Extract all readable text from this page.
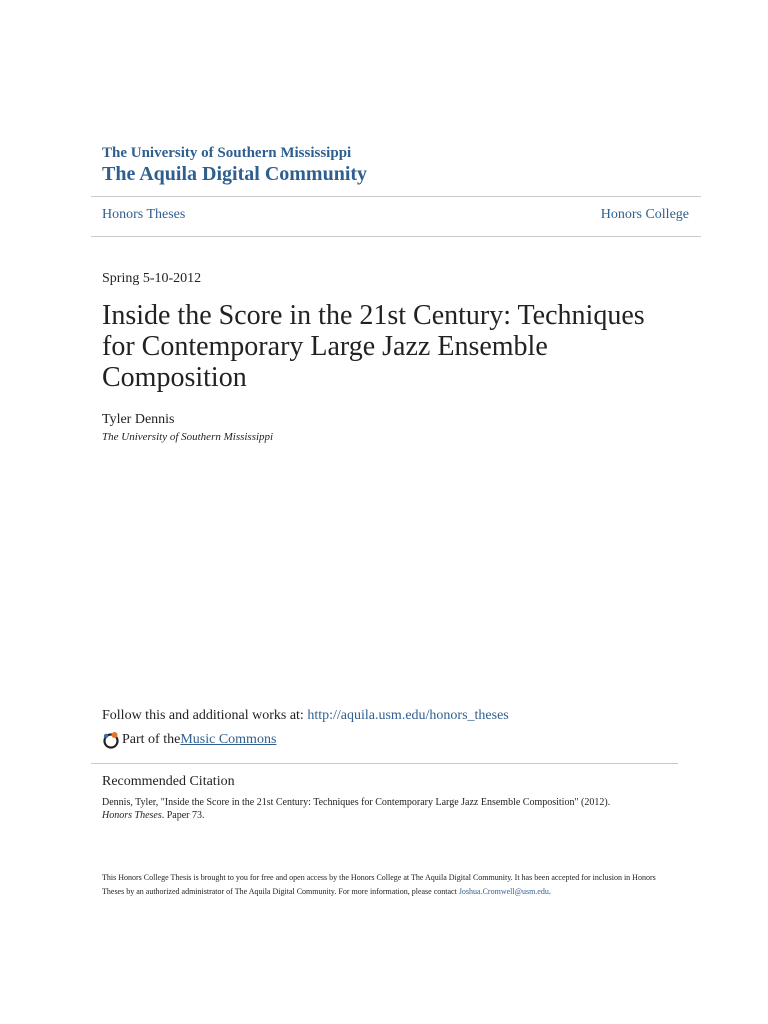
The University of Southern Mississippi
The Aquila Digital Community
Honors Theses	Honors College
Spring 5-10-2012
Inside the Score in the 21st Century: Techniques for Contemporary Large Jazz Ensemble Composition
Tyler Dennis
The University of Southern Mississippi
Follow this and additional works at: http://aquila.usm.edu/honors_theses
Part of the Music Commons
Recommended Citation
Dennis, Tyler, "Inside the Score in the 21st Century: Techniques for Contemporary Large Jazz Ensemble Composition" (2012).
Honors Theses. Paper 73.
This Honors College Thesis is brought to you for free and open access by the Honors College at The Aquila Digital Community. It has been accepted for inclusion in Honors Theses by an authorized administrator of The Aquila Digital Community. For more information, please contact Joshua.Cromwell@usm.edu.
